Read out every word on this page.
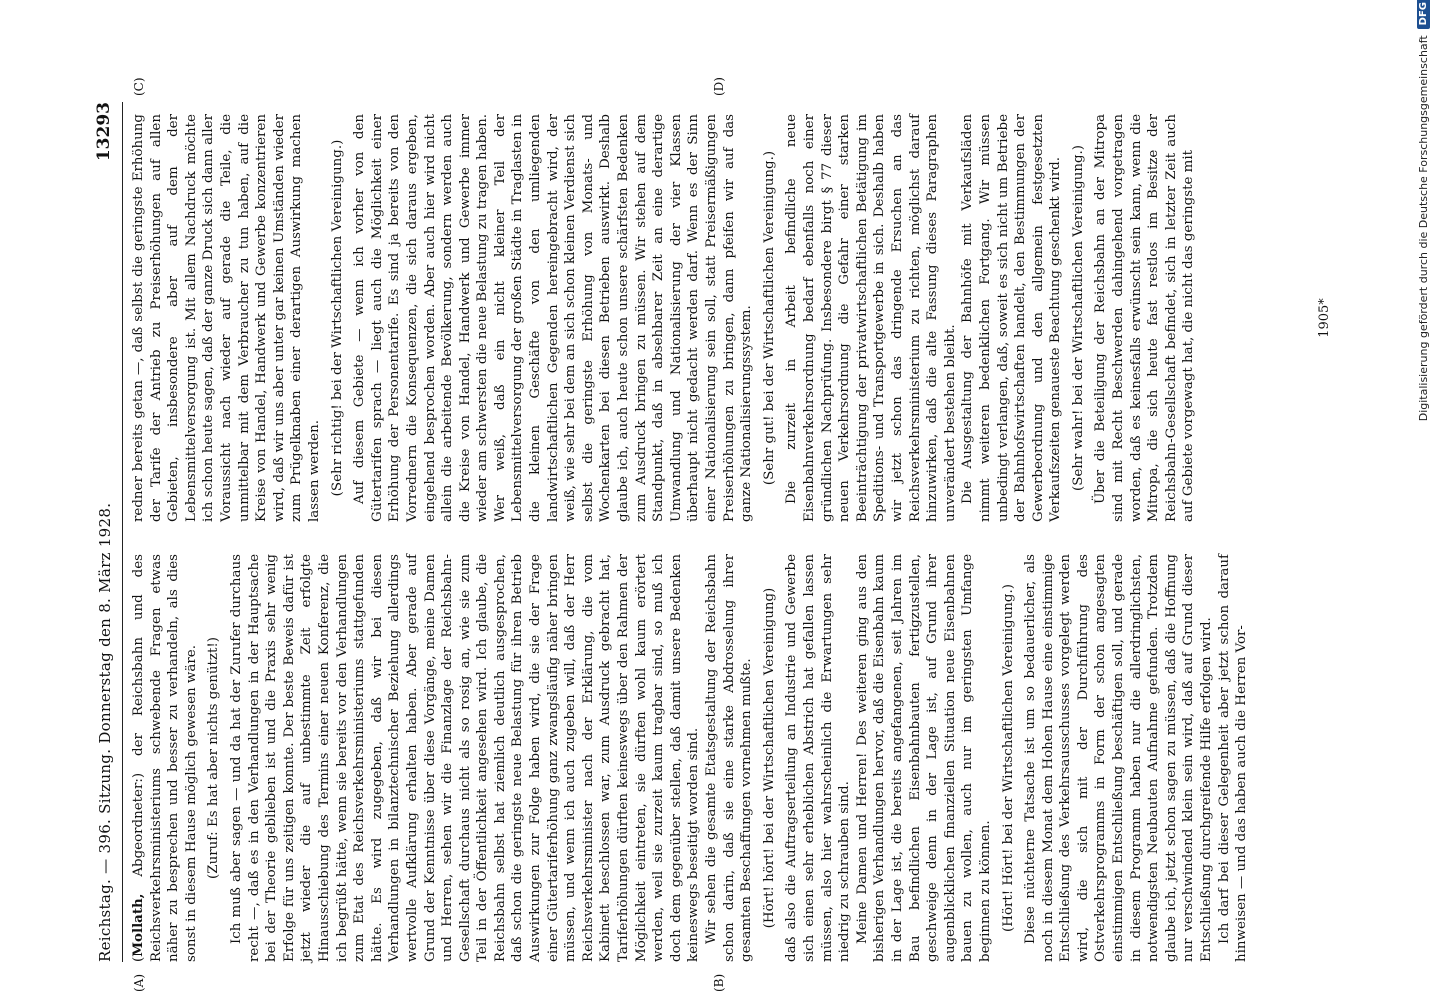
Reichstag. — 396. Sitzung. Donnerstag den 8. März 1928.
13293
(A)	(B)
(C)	(D)

(Mollath, Abgeordneter:) der Reichsbahn und des Reichsverkehrsministeriums schwebende Fragen etwas näher zu besprechen und besser zu verhandeln, als dies sonst in diesem Hause möglich gewesen wäre. (Zuruf: Es hat aber nichts genützt!) Ich muß aber sagen — und da hat der Zurufer durchaus recht —, daß es in den Verhandlungen in der Hauptsache bei der Theorie geblieben ist und die Praxis sehr wenig Erfolge für uns zeitigen konnte. Der beste Beweis dafür ist jetzt wieder die auf unbestimmte Zeit erfolgte Hinausschiebung des Termins einer neuen Konferenz, die ich begrüßt hätte, wenn sie bereits vor den Verhandlungen zum Etat des Reichsverkehrsministeriums stattgefunden hätte. Es wird zugegeben, daß wir bei diesen Verhandlungen in bilanztechnischer Beziehung allerdings wertvolle Aufklärung erhalten haben. Aber gerade auf Grund der Kenntnisse über diese Vorgänge, meine Damen und Herren, sehen wir die Finanzlage der Reichsbahn-Gesellschaft durchaus nicht als so rosig an, wie sie zum Teil in der Öffentlichkeit angesehen wird. Ich glaube, die Reichsbahn selbst hat ziemlich deutlich ausgesprochen, daß schon die geringste neue Belastung für ihren Betrieb Auswirkungen zur Folge haben wird, die sie der Frage einer Gütertariferhöhung ganz zwangsläufig näher bringen müssen, und wenn ich auch zugeben will, daß der Herr Reichsverkehrsminister nach der Erklärung, die vom Kabinett beschlossen war, zum Ausdruck gebracht hat, Tariferhöhungen dürften keineswegs über den Rahmen der Möglichkeit eintreten, sie dürften wohl kaum erörtert werden, weil sie zurzeit kaum tragbar sind, so muß ich doch dem gegenüber stellen, daß damit unsere Bedenken keineswegs beseitigt worden sind. Wir sehen die gesamte Etatsgestaltung der Reichsbahn schon darin, daß sie eine starke Abdrosselung ihrer gesamten Beschaffungen vornehmen mußte. (Hört! hört! bei der Wirtschaftlichen Vereinigung) daß also die Auftragserteilung an Industrie und Gewerbe sich einen sehr erheblichen Abstrich hat gefallen lassen müssen, also hier wahrscheinlich die Erwartungen sehr niedrig zu schrauben sind. Meine Damen und Herren! Des weiteren ging aus den bisherigen Verhandlungen hervor, daß die Eisenbahn kaum in der Lage ist, die bereits angefangenen, seit Jahren im Bau befindlichen Eisenbahnbauten fertigzustellen, geschweige denn in der Lage ist, auf Grund ihrer augenblicklichen finanziellen Situation neue Eisenbahnen bauen zu wollen, auch nur im geringsten Umfange beginnen zu können. (Hört! Hört! bei der Wirtschaftlichen Vereinigung.) Diese nüchterne Tatsache ist um so bedauerlicher, als noch in diesem Monat dem Hohen Hause eine einstimmige Entschließung des Verkehrsausschusses vorgelegt werden wird, die sich mit der Durchführung des Ostverkehrsprogramms in Form der schon angesagten einstimmigen Entschließung beschäftigen soll, und gerade in diesem Programm haben nur die allerdringlichsten, notwendigsten Neubauten Aufnahme gefunden. Trotzdem glaube ich, jetzt schon sagen zu müssen, daß die Hoffnung nur verschwindend klein sein wird, daß auf Grund dieser Entschließung durchgreifende Hilfe erfolgen wird. Ich darf bei dieser Gelegenheit aber jetzt schon darauf hinweisen — und das haben auch die Herren Vor-

redner bereits getan —, daß selbst die geringste Erhöhung der Tarife der Antrieb zu Preiserhöhungen auf allen Gebieten, insbesondere aber auf dem der Lebensmittelversorgung ist. Mit allem Nachdruck möchte ich schon heute sagen, daß der ganze Druck sich dann aller Voraussicht nach wieder auf gerade die Teile, die unmittelbar mit dem Verbraucher zu tun haben, auf die Kreise von Handel, Handwerk und Gewerbe konzentrieren wird, daß wir uns aber unter gar keinen Umständen wieder zum Prügelknaben einer derartigen Auswirkung machen lassen werden. (Sehr richtig! bei der Wirtschaftlichen Vereinigung.) Auf diesem Gebiete — wenn ich vorher von den Gütertarifen sprach — liegt auch die Möglichkeit einer Erhöhung der Personentarife. Es sind ja bereits von den Vorrednern die Konsequenzen, die sich daraus ergeben, eingehend besprochen worden. Aber auch hier wird nicht allein die arbeitende Bevölkerung, sondern werden auch die Kreise von Handel, Handwerk und Gewerbe immer wieder am schwersten die neue Belastung zu tragen haben. Wer weiß, daß ein nicht kleiner Teil der Lebensmittelversorgung der großen Städte in Traglasten in die kleinen Geschäfte von den umliegenden landwirtschaftlichen Gegenden hereingebracht wird, der weiß, wie sehr bei dem an sich schon kleinen Verdienst sich selbst die geringste Erhöhung von Monats- und Wochenkarten bei diesen Betrieben auswirkt. Deshalb glaube ich, auch heute schon unsere schärfsten Bedenken zum Ausdruck bringen zu müssen. Wir stehen auf dem Standpunkt, daß in absehbarer Zeit an eine derartige Umwandlung und Nationalisierung der vier Klassen überhaupt nicht gedacht werden darf. Wenn es der Sinn einer Nationalisierung sein soll, statt Preisermäßigungen Preiserhöhungen zu bringen, dann pfeifen wir auf das ganze Nationalisierungssystem. (Sehr gut! bei der Wirtschaftlichen Vereinigung.) Die zurzeit in Arbeit befindliche neue Eisenbahnverkehrsordnung bedarf ebenfalls noch einer gründlichen Nachprüfung. Insbesondere birgt § 77 dieser neuen Verkehrsordnung die Gefahr einer starken Beeinträchtigung der privatwirtschaftlichen Betätigung im Speditions- und Transportgewerbe in sich. Deshalb haben wir jetzt schon das dringende Ersuchen an das Reichsverkehrsministerium zu richten, möglichst darauf hinzuwirken, daß die alte Fassung dieses Paragraphen unverändert bestehen bleibt. Die Ausgestaltung der Bahnhöfe mit Verkaufsläden nimmt weiteren bedenklichen Fortgang. Wir müssen unbedingt verlangen, daß, soweit es sich nicht um Betriebe der Bahnhofswirtschaften handelt, den Bestimmungen der Gewerbeordnung und den allgemein festgesetzten Verkaufszeiten genaueste Beachtung geschenkt wird. (Sehr wahr! bei der Wirtschaftlichen Vereinigung.) Über die Beteiligung der Reichsbahn an der Mitropa sind mit Recht Beschwerden dahingehend vorgetragen worden, daß es keinesfalls erwünscht sein kann, wenn die Mitropa, die sich heute fast restlos im Besitze der Reichsbahn-Gesellschaft befindet, sich in letzter Zeit auch auf Gebiete vorgewagt hat, die nicht das geringste mit	1905*	Digitalisierung gefördert durch die Deutsche Forschungsgemeinschaft
DFG
